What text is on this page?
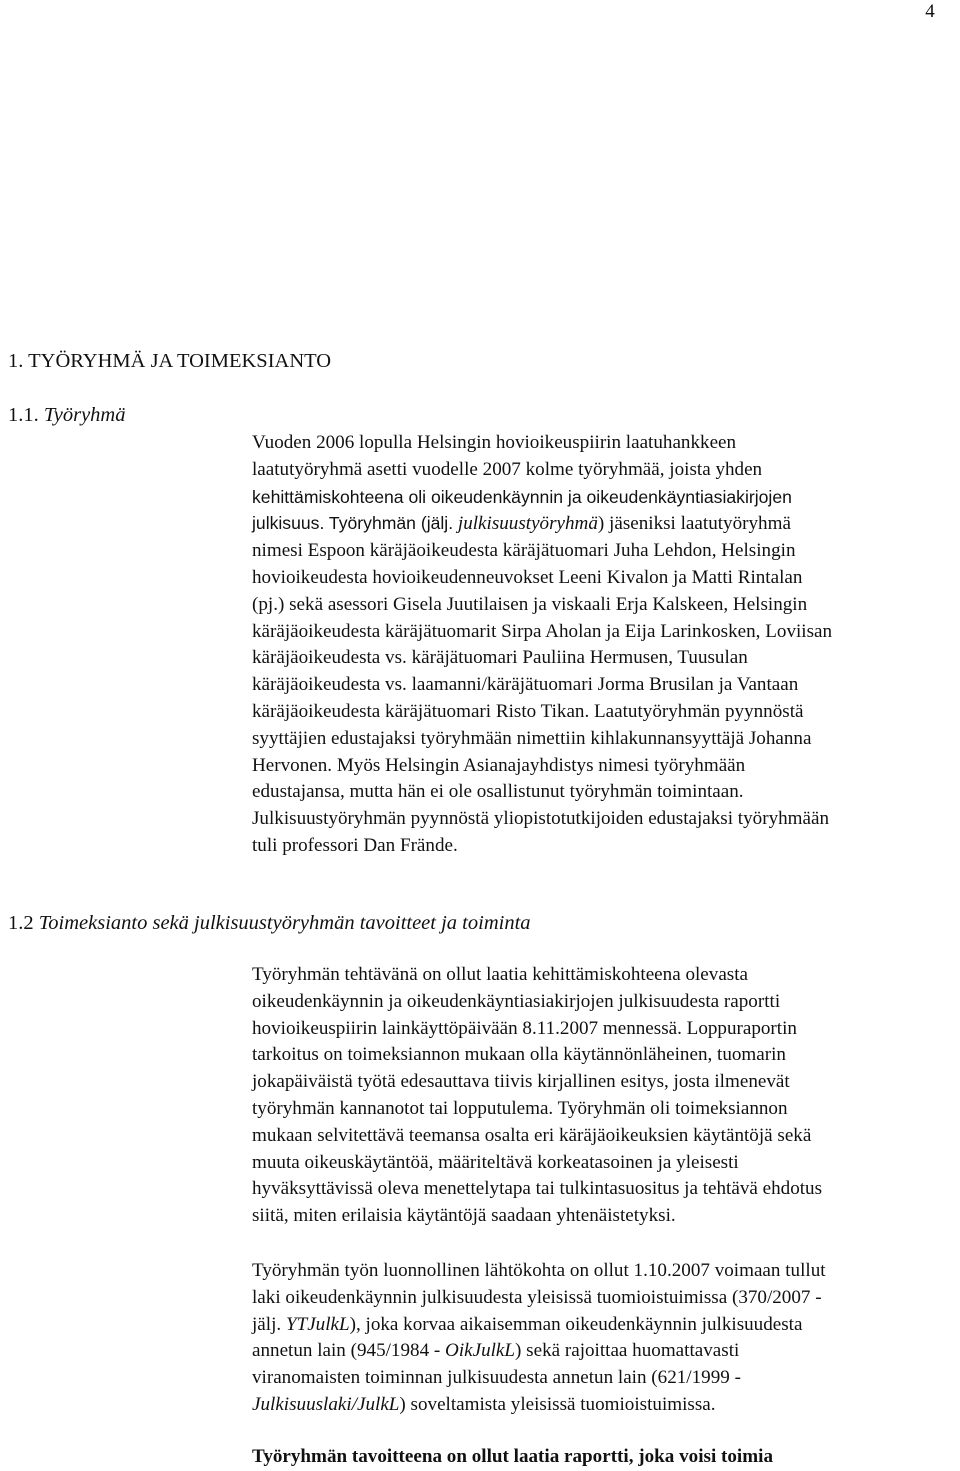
4
1. TYÖRYHMÄ JA TOIMEKSIANTO
1.1. Työryhmä
Vuoden 2006 lopulla Helsingin hovioikeuspiirin laatuhankkeen
laatutyöryhmä asetti vuodelle 2007 kolme työryhmää, joista yhden
kehittämiskohteena oli oikeudenkäynnin ja oikeudenkäyntiasiakirjojen
julkisuus. Työryhmän (jälj. julkisuustyöryhmä) jäseniksi laatutyöryhmä
nimesi Espoon käräjäoikeudesta käräjätuomari Juha Lehdon, Helsingin
hovioikeudesta hovioikeudenneuvokset Leeni Kivalon ja Matti Rintalan
(pj.) sekä asessori Gisela Juutilaisen ja viskaali Erja Kalskeen, Helsingin
käräjäoikeudesta käräjätuomarit Sirpa Aholan ja Eija Larinkosken, Loviisan
käräjäoikeudesta vs. käräjätuomari Pauliina Hermusen, Tuusulan
käräjäoikeudesta vs. laamanni/käräjätuomari Jorma Brusilan ja Vantaan
käräjäoikeudesta käräjätuomari Risto Tikan. Laatutyöryhmän pyynnöstä
syyttäjien edustajaksi työryhmään nimettiin kihlakunnansyyttäjä Johanna
Hervonen. Myös Helsingin Asianajayhdistys nimesi työryhmään
edustajansa, mutta hän ei ole osallistunut työryhmän toimintaan.
Julkisuustyöryhmän pyynnöstä yliopistotutkijoiden edustajaksi työryhmään
tuli professori Dan Frände.
1.2 Toimeksianto sekä julkisuustyöryhmän tavoitteet ja toiminta
Työryhmän tehtävänä on ollut laatia kehittämiskohteena olevasta
oikeudenkäynnin ja oikeudenkäyntiasiakirjojen julkisuudesta raportti
hovioikeuspiirin lainkäyttöpäivään 8.11.2007 mennessä. Loppuraportin
tarkoitus on toimeksiannon mukaan olla käytännönläheinen, tuomarin
jokapäiväistä työtä edesauttava tiivis kirjallinen esitys, josta ilmenevät
työryhmän kannanotot tai lopputulema. Työryhmän oli toimeksiannon
mukaan selvitettävä teemansa osalta eri käräjäoikeuksien käytäntöjä sekä
muuta oikeuskäytäntöä, määriteltävä korkeatasoinen ja yleisesti
hyväksyttävissä oleva menettelytapa tai tulkintasuositus ja tehtävä ehdotus
siitä, miten erilaisia käytäntöjä saadaan yhtenäistetyksi.
Työryhmän työn luonnollinen lähtökohta on ollut 1.10.2007 voimaan tullut
laki oikeudenkäynnin julkisuudesta yleisissä tuomioistuimissa (370/2007 -
jälj. YTJulkL), joka korvaa aikaisemman oikeudenkäynnin julkisuudesta
annetun lain (945/1984 - OikJulkL) sekä rajoittaa huomattavasti
viranomaisten toiminnan julkisuudesta annetun lain (621/1999 -
Julkisuuslaki/JulkL) soveltamista yleisissä tuomioistuimissa.
Työryhmän tavoitteena on ollut laatia raportti, joka voisi toimia
